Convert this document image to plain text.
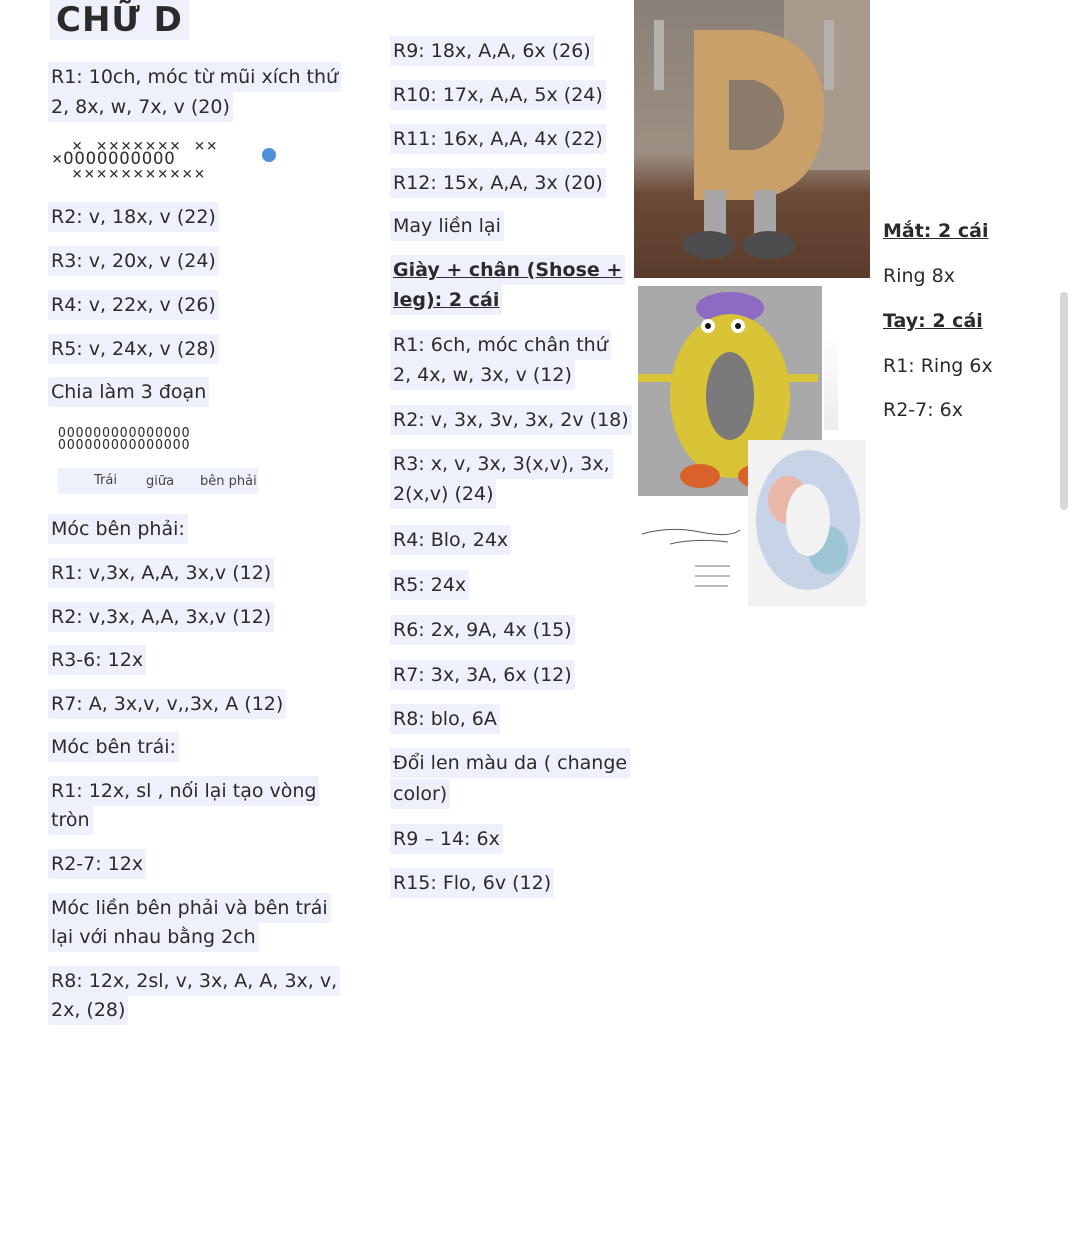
CHỮ D
R1: 10ch, móc từ mũi xích thứ
2, 8x, w, 7x, v (20)
× ××××××× ××
×OOOOOOOOOO
×××××××××××
R2: v, 18x, v (22)
R3: v, 20x, v (24)
R4: v, 22x, v (26)
R5: v, 24x, v (28)
Chia làm 3 đoạn
OOOOOOOOOOOOOOO
OOOOOOOOOOOOOOO
Trái giữa bên phải
Móc bên phải:
R1: v,3x, A,A, 3x,v (12)
R2: v,3x, A,A, 3x,v (12)
R3-6: 12x
R7: A, 3x,v, v,,3x, A (12)
Móc bên trái:
R1: 12x, sl , nối lại tạo vòng
tròn
R2-7: 12x
Móc liền bên phải và bên trái
lại với nhau bằng 2ch
R8: 12x, 2sl, v, 3x, A, A, 3x, v,
2x, (28)
R9: 18x, A,A, 6x (26)
R10: 17x, A,A, 5x (24)
R11: 16x, A,A, 4x (22)
R12: 15x, A,A, 3x (20)
May liền lại
Giày + chân (Shose +
leg): 2 cái
R1: 6ch, móc chân thứ
2, 4x, w, 3x, v (12)
R2: v, 3x, 3v, 3x, 2v (18)
R3: x, v, 3x, 3(x,v), 3x,
2(x,v) (24)
R4: Blo, 24x
R5: 24x
R6: 2x, 9A, 4x (15)
R7: 3x, 3A, 6x (12)
R8: blo, 6A
Đổi len màu da ( change
color)
R9 – 14: 6x
R15: Flo, 6v (12)
Mắt: 2 cái
Ring 8x
Tay: 2 cái
R1: Ring 6x
R2-7: 6x
